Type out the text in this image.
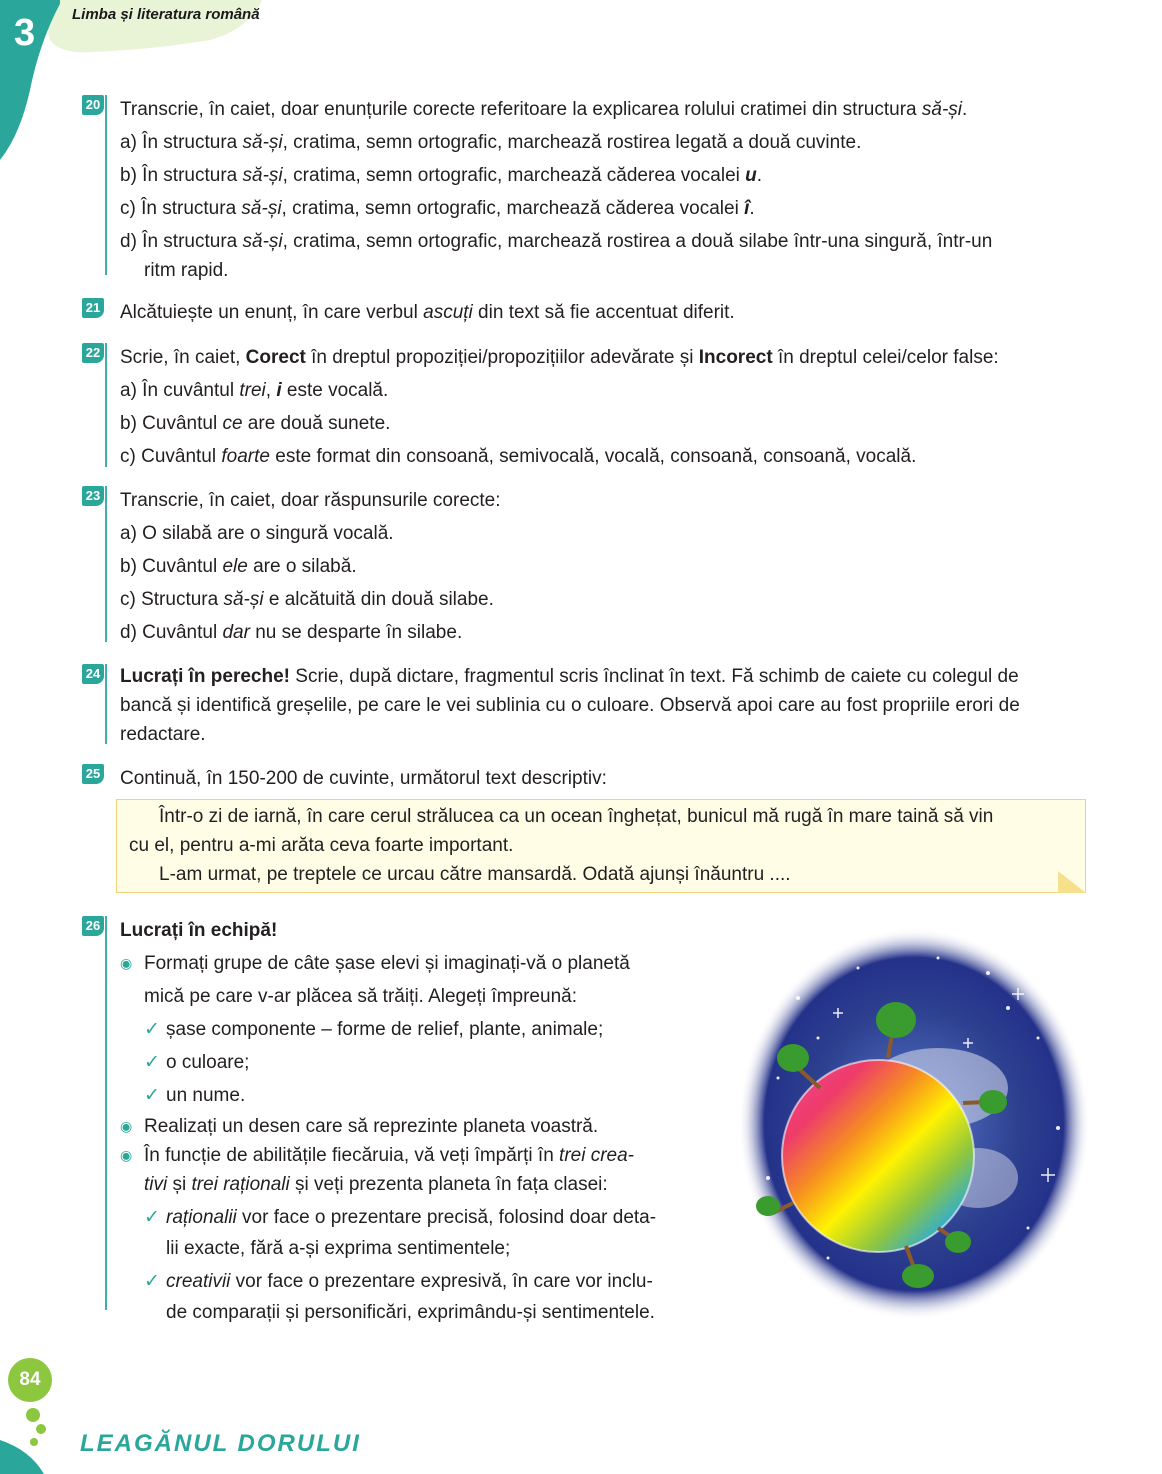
3 Limba și literatura română
20 Transcrie, în caiet, doar enunțurile corecte referitoare la explicarea rolului cratimei din structura să-și.
a) În structura să-și, cratima, semn ortografic, marchează rostirea legată a două cuvinte.
b) În structura să-și, cratima, semn ortografic, marchează căderea vocalei u.
c) În structura să-și, cratima, semn ortografic, marchează căderea vocalei î.
d) În structura să-și, cratima, semn ortografic, marchează rostirea a două silabe într-una singură, într-un
ritm rapid.
21 Alcătuiește un enunț, în care verbul ascuți din text să fie accentuat diferit.
22 Scrie, în caiet, Corect în dreptul propoziției/propozițiilor adevărate și Incorect în dreptul celei/celor false:
a) În cuvântul trei, i este vocală.
b) Cuvântul ce are două sunete.
c) Cuvântul foarte este format din consoană, semivocală, vocală, consoană, consoană, vocală.
23 Transcrie, în caiet, doar răspunsurile corecte:
a) O silabă are o singură vocală.
b) Cuvântul ele are o silabă.
c) Structura să-și e alcătuită din două silabe.
d) Cuvântul dar nu se desparte în silabe.
24 Lucrați în pereche! Scrie, după dictare, fragmentul scris înclinat în text. Fă schimb de caiete cu colegul de
bancă și identifică greșelile, pe care le vei sublinia cu o culoare. Observă apoi care au fost propriile erori de
redactare.
25 Continuă, în 150-200 de cuvinte, următorul text descriptiv:
Într-o zi de iarnă, în care cerul strălucea ca un ocean înghețat, bunicul mă rugă în mare taină să vin
cu el, pentru a-mi arăta ceva foarte important.
L-am urmat, pe treptele ce urcau către mansardă. Odată ajunși înăuntru ....
26 Lucrați în echipă!
◉ Formați grupe de câte șase elevi și imaginați-vă o planetă
mică pe care v-ar plăcea să trăiți. Alegeți împreună:
✓ șase componente – forme de relief, plante, animale;
✓ o culoare;
✓ un nume.
◉ Realizați un desen care să reprezinte planeta voastră.
◉ În funcție de abilitățile fiecăruia, vă veți împărți în trei crea-
tivi și trei raționali și veți prezenta planeta în fața clasei:
✓ raționalii vor face o prezentare precisă, folosind doar deta-
lii exacte, fără a-și exprima sentimentele;
✓ creativii vor face o prezentare expresivă, în care vor inclu-
de comparații și personificări, exprimându-și sentimentele.
84
LEAGĂNUL DORULUI
